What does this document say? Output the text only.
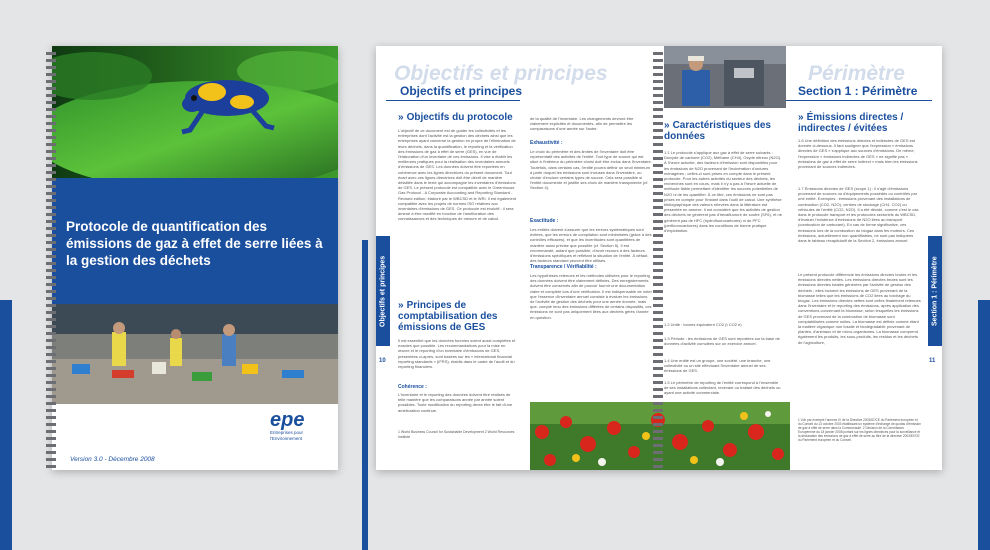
Protocole de quantification des émissions de gaz à effet de serre liées à la gestion des déchets
epe
Entreprises pour l'Environnement
Version 3.0 - Décembre 2008
Objectifs et principes	Périmètre
Objectifs et principes	Section 1 : Périmètre
Objectifs et principes
10
Section 1 : Périmètre
11
» Objectifs du protocole
L'objectif de ce document est de guider les collectivités et les entreprises dont l'activité est la gestion des déchets ainsi que les entreprises ayant concerné la gestion en propre de l'élimination de leurs déchets, dans la quantification, le reporting et la vérification des émissions de gaz à effet de serre (GES), en vue de l'élaboration d'un inventaire de ces émissions. Il vise à établir les meilleures pratiques pour la réalisation des inventaires annuels d'émissions de GES. Les données doivent être reportées en cohérence avec les lignes directrices du présent document. Tout écart avec ces lignes directrices doit être décrit de manière détaillée dans le texte qui accompagne les inventaires d'émissions de GES. Le présent protocole est compatible avec le Greenhouse Gas Protocol - A Corporate Accounting and Reporting Standard - Revised edition, élaboré par le WBCSD et le WRI. Il est également compatible avec les projets de normes ISO relatives aux inventaires d'émissions de GES. Ce protocole est évolutif : il sera amené à être modifié en fonction de l'amélioration des connaissances et des techniques de mesure et de calcul.
» Principes de comptabilisation des émissions de GES
Il est essentiel que les données fournies soient aussi complètes et exactes que possible. Les recommandations pour la mise en œuvre et le reporting d'un inventaire d'émissions de GES, présentées ci-après, sont basées sur les « international financial reporting standards » (IFRS), établis dans le cadre de l'audit et du reporting financiers.
Cohérence :
L'inventaire et le reporting des données doivent être réalisés de telle manière que les comparaisons année par année soient possibles. Toute modification du reporting devra être le fait d'une amélioration continue.
1 World Business Council for Sustainable Development 2 World Resources Institute
de la qualité de l'inventaire. Les changements devront être clairement explicités et documentés, afin de permettre les comparaisons d'une année sur l'autre.
Exhaustivité :
Le choix du périmètre et des limites de l'inventaire doit être représentatif des activités de l'entité. Tout type de source qui est situé à l'intérieur du périmètre choisi doit être inclus dans l'inventaire. Toutefois, dans certains cas, l'entité pourra définir un seuil minimum à partir duquel les émissions sont incluses dans l'inventaire, ou choisir d'exclure certains types de source. Cela sera possible si l'entité documente et justifie ses choix de manière transparente (cf. Section 4).
Exactitude :
Les entités doivent s'assurer que les erreurs systématiques sont évitées, que les erreurs de compilation sont minimisées (grâce à des contrôles efficaces), et que les incertitudes sont quantifiées de manière aussi précise que possible (cf. Section 5). Il est recommandé, autant que possible, d'avoir recours à des facteurs d'émissions spécifiques et reflétant la situation de l'entité. À défaut, des facteurs standard peuvent être utilisés.
Transparence / Vérifiabilité :
Les hypothèses retenues et les méthodes utilisées pour le reporting des données doivent être clairement définies. Des enregistrements doivent être conservés afin de pouvoir fournir une documentation claire et complète lors d'une vérification. Il est indispensable de noter que l'essence d'inventaire annuel consiste à évaluer les émissions de l'activité de gestion des déchets pour une année donnée, mais que, compte tenu des émissions différées de certains dispositifs, ces émissions ne sont pas uniquement liées aux déchets gérés l'année en question.
» Caractéristiques des données
1.1 Le protocole s'applique aux gaz à effet de serre suivants : Dioxyde de carbone (CO2), Méthane (CH4), Oxyde nitreux (N2O). À l'heure actuelle, des facteurs d'émission sont disponibles pour les émissions de N2O provenant de l'incinération d'ordures ménagères ; celles-ci sont prises en compte dans le présent protocole. Pour les autres activités du secteur des déchets, les recherches sont en cours, mais il n'y a pas à l'heure actuelle de méthode fiable permettant d'identifier les sources potentielles de N2O ni de les quantifier. À ce titre, ces émissions ne sont pas prises en compte pour l'instant dans l'outil de calcul. Une synthèse bibliographique des valeurs relevées dans la littérature est présentée en annexe. Il est considéré que les activités de gestion des déchets ne génèrent pas d'hexafluorure de soufre (SF6), et ne génèrent pas de HFC (hydrofluorocarbures) ni de PFC (perfluorocarbures) dans les conditions de bonne pratique d'exploitation.
1.2 Unité : tonnes équivalent CO2 (t CO2 e)
1.3 Période : les émissions de GES sont reportées sur la base de données d'activité cumulées sur un exercice annuel.
1.4 Une entité est un groupe, une société, une branche, une collectivité ou un site effectuant l'inventaire annuel de ses émissions de GES.
1.5 Le périmètre de reporting de l'entité correspond à l'ensemble de ses installations collectant, recevant ou traitant des déchets ou ayant une activité commerciale.
» Émissions directes / indirectes / évitées
1.6 Une définition des émissions directes et indirectes de GES est donnée ci-dessous. Il faut souligner que l'expression « émissions directes de GES » s'applique aux sources d'émissions. De même, l'expression « émissions indirectes de GES » ne signifie pas « émissions de gaz à effet de serre indirect » mais bien les émissions provenant de sources indirectes.
1.7 Émissions directes de GES (scope 1) : il s'agit d'émissions provenant de sources ou d'équipements possédés ou contrôlés par une entité. Exemples : émissions provenant des installations de combustion (CO2, N2O), centres de stockage (CH4, CO2) ou véhicules de l'entité (CO2, N2O). Il a été décidé, comme c'est le cas dans le protocole transport et les protocoles sectoriels du WBCSD, d'évaluer l'existence d'émissions de N2O liées au transport (combustion de carburant). En cas de forme significative, ces émissions lors de la combustion du biogaz dans les moteurs. Ces émissions, actuellement non quantifiables, ne sont pas indiquées dans le tableau récapitulatif de la Section 2, émissions annuel.
Le présent protocole différencie les émissions directes brutes et les émissions directes nettes. Les émissions directes brutes sont les émissions directes totales générées par l'activité de gestion des déchets ; elles incluent les émissions de GES provenant de la biomasse telles que les émissions de CO2 liées au torchage du biogaz. Les émissions directes nettes sont celles finalement retenues dans l'inventaire et le reporting des émissions, après application des conventions concernant la biomasse, selon lesquelles les émissions de GES provenant de la combustion de biomasse sont comptabilisées comme nulles. La biomasse est définie comme étant la matière organique non fossile et biodégradable provenant de plantes, d'animaux et de micro-organismes. La biomasse comprend également les produits, les sous-produits, les résidus et les déchets de l'agriculture,
1 Voir par exemple l'annexe IV de la Directive 2003/87/CE du Parlement européen et du Conseil du 13 octobre 2003 établissant un système d'échange de quotas d'émission de gaz à effet de serre dans la Communauté. 2 Décision de la Commission Européenne du 18 janvier 2008 portant sur les lignes directrices pour la surveillance et la déclaration des émissions de gaz à effet de serre au titre de la directive 2003/87/CE du Parlement européen et du Conseil.
